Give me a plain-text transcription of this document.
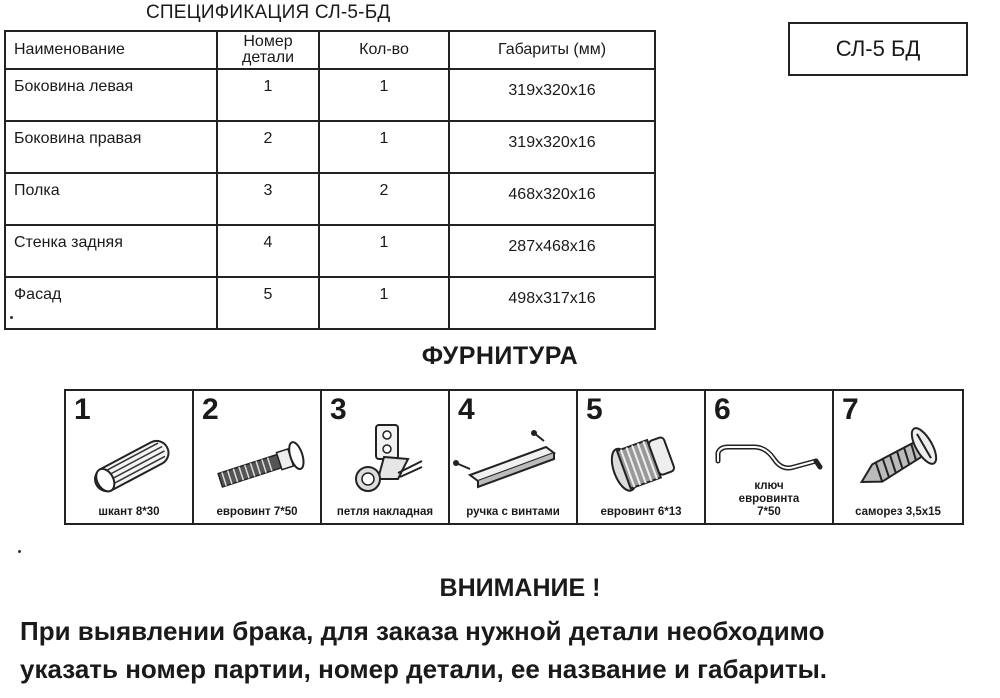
СПЕЦИФИКАЦИЯ СЛ-5-БД
Наименование	Номер детали	Кол-во	Габариты (мм)
Боковина левая	1	1	319x320x16
Боковина правая	2	1	319x320x16
Полка	3	2	468x320x16
Стенка задняя	4	1	287x468x16
Фасад	5	1	498x317x16
СЛ-5 БД
ФУРНИТУРА
1
шкант 8*30
2
евровинт 7*50
3
петля накладная
4
ручка с винтами
5
евровинт 6*13
6
ключ евровинта 7*50
7
саморез 3,5x15
ВНИМАНИЕ !
При выявлении брака, для заказа нужной детали необходимо
указать номер партии, номер детали, ее название и габариты.
